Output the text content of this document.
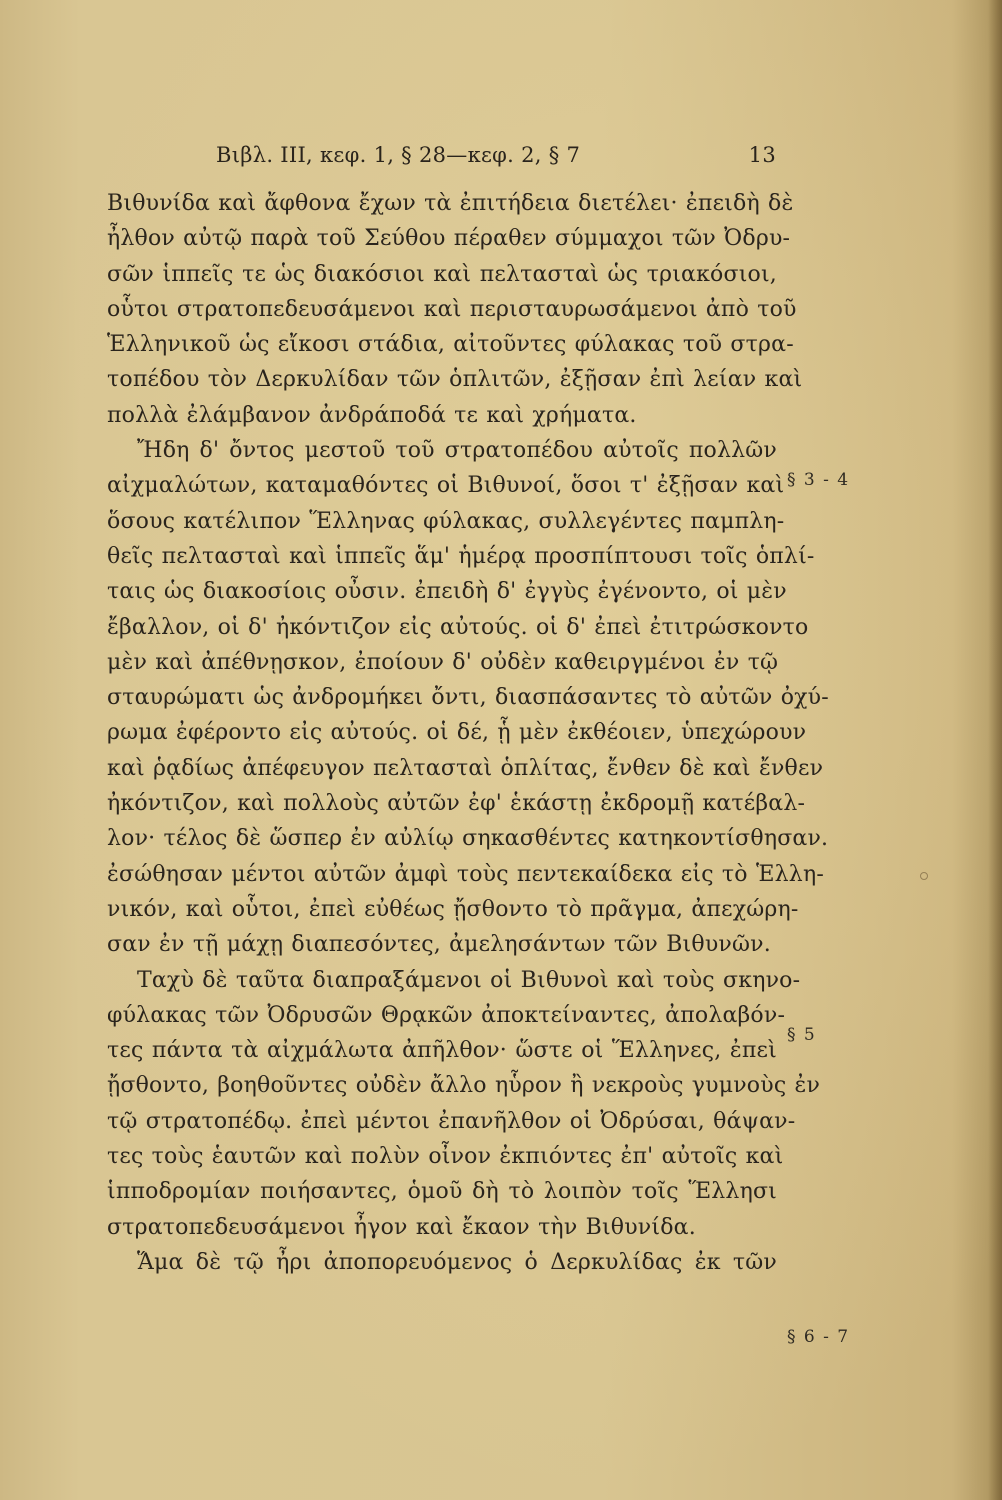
Βιβλ. III, κεφ. 1, § 28—κεφ. 2, § 7	13
Βιθυνίδα καὶ ἄφθονα ἔχων τὰ ἐπιτήδεια διετέλει· ἐπειδὴ δὲ
ἦλθον αὐτῷ παρὰ τοῦ Σεύθου πέραθεν σύμμαχοι τῶν Ὀδρυ-
σῶν ἱππεῖς τε ὡς διακόσιοι καὶ πελτασταὶ ὡς τριακόσιοι,
οὗτοι στρατοπεδευσάμενοι καὶ περισταυρωσάμενοι ἀπὸ τοῦ
Ἑλληνικοῦ ὡς εἴκοσι στάδια, αἰτοῦντες φύλακας τοῦ στρα-
τοπέδου τὸν Δερκυλίδαν τῶν ὁπλιτῶν, ἐξῇσαν ἐπὶ λείαν καὶ
πολλὰ ἐλάμβανον ἀνδράποδά τε καὶ χρήματα.
Ἤδη δ' ὄντος μεστοῦ τοῦ στρατοπέδου αὐτοῖς πολλῶν
αἰχμαλώτων, καταμαθόντες οἱ Βιθυνοί, ὅσοι τ' ἐξῇσαν καὶ
ὅσους κατέλιπον Ἕλληνας φύλακας, συλλεγέντες παμπλη-
θεῖς πελτασταὶ καὶ ἱππεῖς ἅμ' ἡμέρᾳ προσπίπτουσι τοῖς ὁπλί-
ταις ὡς διακοσίοις οὖσιν. ἐπειδὴ δ' ἐγγὺς ἐγένοντο, οἱ μὲν
ἔβαλλον, οἱ δ' ἠκόντιζον εἰς αὐτούς. οἱ δ' ἐπεὶ ἐτιτρώσκοντο
μὲν καὶ ἀπέθνῃσκον, ἐποίουν δ' οὐδὲν καθειργμένοι ἐν τῷ
σταυρώματι ὡς ἀνδρομήκει ὄντι, διασπάσαντες τὸ αὐτῶν ὀχύ-
ρωμα ἐφέροντο εἰς αὐτούς. οἱ δέ, ᾗ μὲν ἐκθέοιεν, ὑπεχώρουν
καὶ ῥᾳδίως ἀπέφευγον πελτασταὶ ὁπλίτας, ἔνθεν δὲ καὶ ἔνθεν
ἠκόντιζον, καὶ πολλοὺς αὐτῶν ἐφ' ἑκάστῃ ἐκδρομῇ κατέβαλ-
λον· τέλος δὲ ὥσπερ ἐν αὐλίῳ σηκασθέντες κατηκοντίσθησαν.
ἐσώθησαν μέντοι αὐτῶν ἀμφὶ τοὺς πεντεκαίδεκα εἰς τὸ Ἑλλη-
νικόν, καὶ οὗτοι, ἐπεὶ εὐθέως ᾔσθοντο τὸ πρᾶγμα, ἀπεχώρη-
σαν ἐν τῇ μάχῃ διαπεσόντες, ἀμελησάντων τῶν Βιθυνῶν.
Ταχὺ δὲ ταῦτα διαπραξάμενοι οἱ Βιθυνοὶ καὶ τοὺς σκηνο-
φύλακας τῶν Ὀδρυσῶν Θρᾳκῶν ἀποκτείναντες, ἀπολαβόν-
τες πάντα τὰ αἰχμάλωτα ἀπῆλθον· ὥστε οἱ Ἕλληνες, ἐπεὶ
ᾔσθοντο, βοηθοῦντες οὐδὲν ἄλλο ηὗρον ἢ νεκροὺς γυμνοὺς ἐν
τῷ στρατοπέδῳ. ἐπεὶ μέντοι ἐπανῆλθον οἱ Ὀδρύσαι, θάψαν-
τες τοὺς ἑαυτῶν καὶ πολὺν οἶνον ἐκπιόντες ἐπ' αὐτοῖς καὶ
ἱπποδρομίαν ποιήσαντες, ὁμοῦ δὴ τὸ λοιπὸν τοῖς Ἕλλησι
στρατοπεδευσάμενοι ἦγον καὶ ἔκαον τὴν Βιθυνίδα.
Ἅμα δὲ τῷ ἦρι ἀποπορευόμενος ὁ Δερκυλίδας ἐκ τῶν
§ 3 - 4
§ 5
§ 6 - 7
